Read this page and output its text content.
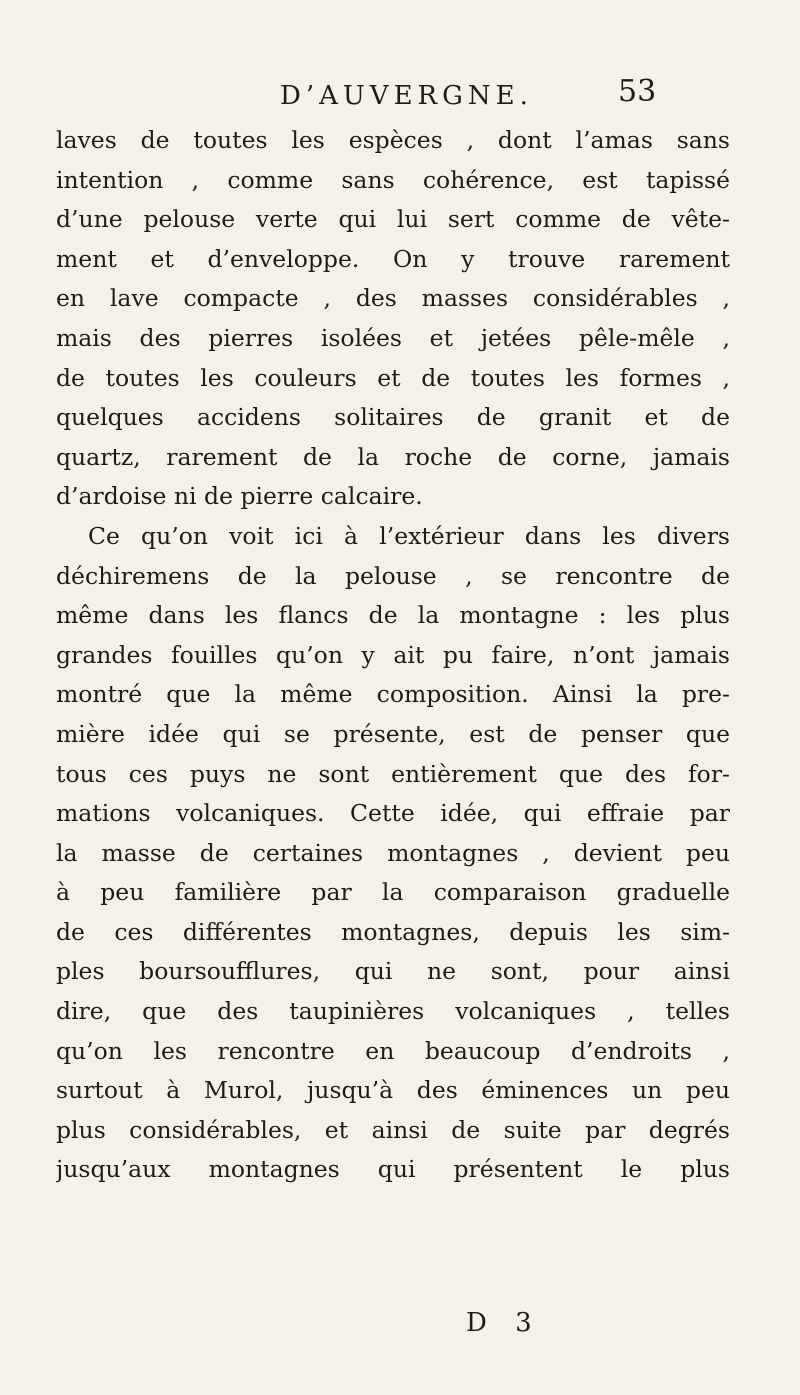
D’AUVERGNE.	53
laves de toutes les espèces , dont l’amas sans
intention , comme sans cohérence, est tapissé
d’une pelouse verte qui lui sert comme de vête-
ment et d’enveloppe. On y trouve rarement
en lave compacte , des masses considérables ,
mais des pierres isolées et jetées pêle-mêle ,
de toutes les couleurs et de toutes les formes ,
quelques accidens solitaires de granit et de
quartz, rarement de la roche de corne, jamais
d’ardoise ni de pierre calcaire.
Ce qu’on voit ici à l’extérieur dans les divers
déchiremens de la pelouse , se rencontre de
même dans les flancs de la montagne : les plus
grandes fouilles qu’on y ait pu faire, n’ont jamais
montré que la même composition. Ainsi la pre-
mière idée qui se présente, est de penser que
tous ces puys ne sont entièrement que des for-
mations volcaniques. Cette idée, qui effraie par
la masse de certaines montagnes , devient peu
à peu familière par la comparaison graduelle
de ces différentes montagnes, depuis les sim-
ples boursoufflures, qui ne sont, pour ainsi
dire, que des taupinières volcaniques , telles
qu’on les rencontre en beaucoup d’endroits ,
surtout à Murol, jusqu’à des éminences un peu
plus considérables, et ainsi de suite par degrés
jusqu’aux montagnes qui présentent le plus
D 3
